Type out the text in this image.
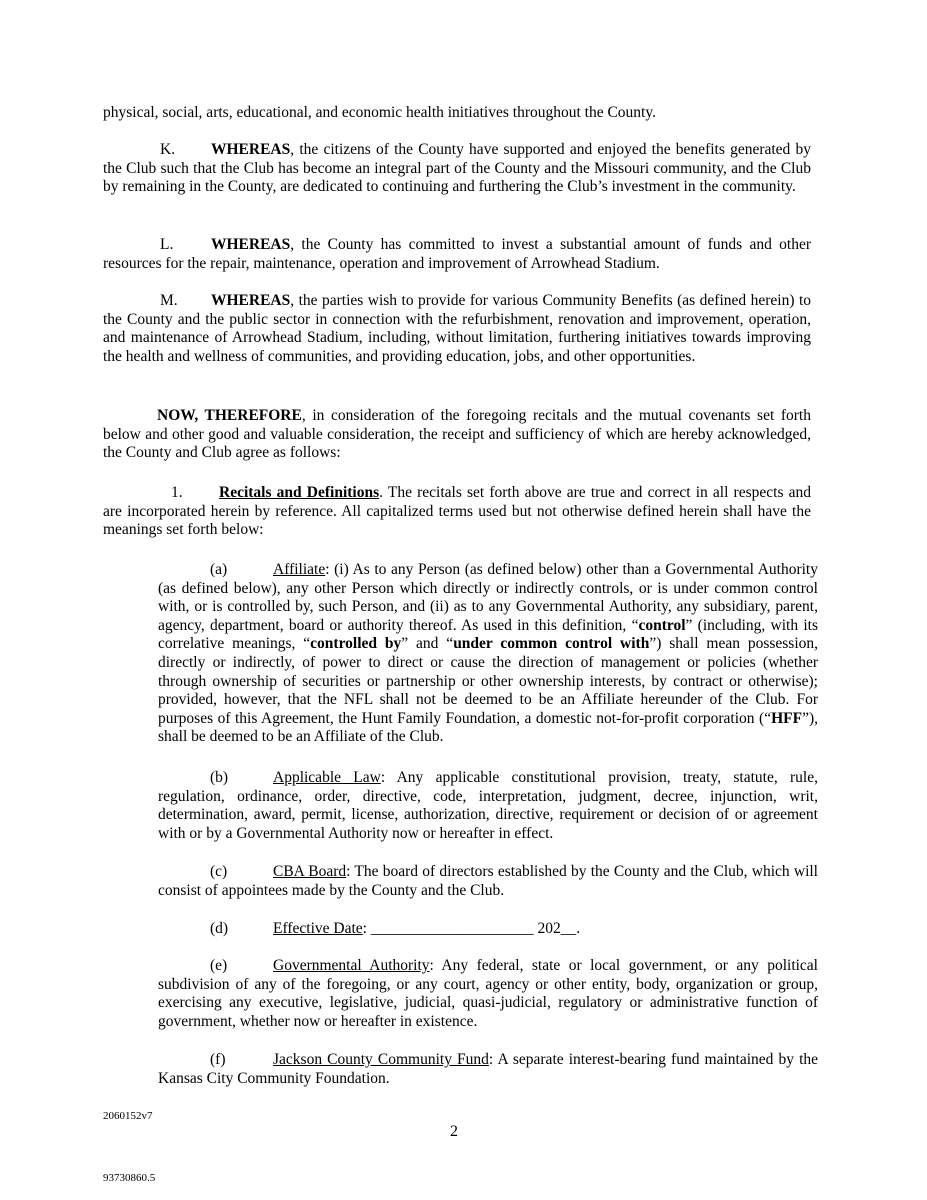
physical, social, arts, educational, and economic health initiatives throughout the County.
K. WHEREAS, the citizens of the County have supported and enjoyed the benefits generated by the Club such that the Club has become an integral part of the County and the Missouri community, and the Club by remaining in the County, are dedicated to continuing and furthering the Club’s investment in the community.
L. WHEREAS, the County has committed to invest a substantial amount of funds and other resources for the repair, maintenance, operation and improvement of Arrowhead Stadium.
M. WHEREAS, the parties wish to provide for various Community Benefits (as defined herein) to the County and the public sector in connection with the refurbishment, renovation and improvement, operation, and maintenance of Arrowhead Stadium, including, without limitation, furthering initiatives towards improving the health and wellness of communities, and providing education, jobs, and other opportunities.
NOW, THEREFORE, in consideration of the foregoing recitals and the mutual covenants set forth below and other good and valuable consideration, the receipt and sufficiency of which are hereby acknowledged, the County and Club agree as follows:
1. Recitals and Definitions. The recitals set forth above are true and correct in all respects and are incorporated herein by reference. All capitalized terms used but not otherwise defined herein shall have the meanings set forth below:
(a)	Affiliate: (i) As to any Person (as defined below) other than a Governmental Authority (as defined below), any other Person which directly or indirectly controls, or is under common control with, or is controlled by, such Person, and (ii) as to any Governmental Authority, any subsidiary, parent, agency, department, board or authority thereof. As used in this definition, “control” (including, with its correlative meanings, “controlled by” and “under common control with”) shall mean possession, directly or indirectly, of power to direct or cause the direction of management or policies (whether through ownership of securities or partnership or other ownership interests, by contract or otherwise); provided, however, that the NFL shall not be deemed to be an Affiliate hereunder of the Club. For purposes of this Agreement, the Hunt Family Foundation, a domestic not-for-profit corporation (“HFF”), shall be deemed to be an Affiliate of the Club.
(b)	Applicable Law: Any applicable constitutional provision, treaty, statute, rule, regulation, ordinance, order, directive, code, interpretation, judgment, decree, injunction, writ, determination, award, permit, license, authorization, directive, requirement or decision of or agreement with or by a Governmental Authority now or hereafter in effect.
(c)	CBA Board: The board of directors established by the County and the Club, which will consist of appointees made by the County and the Club.
(d)	Effective Date: _____________________ 202__.
(e)	Governmental Authority: Any federal, state or local government, or any political subdivision of any of the foregoing, or any court, agency or other entity, body, organization or group, exercising any executive, legislative, judicial, quasi-judicial, regulatory or administrative function of government, whether now or hereafter in existence.
(f)	Jackson County Community Fund: A separate interest-bearing fund maintained by the Kansas City Community Foundation.
2060152v7
2
93730860.5
